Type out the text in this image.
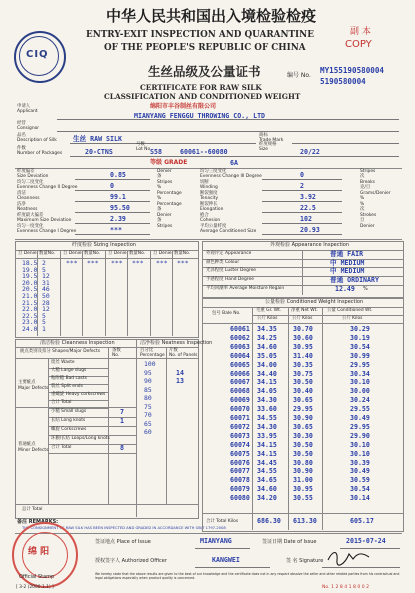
CIQ
中华人民共和国出入境检验检疫
ENTRY-EXIT INSPECTION AND QUARANTINE
OF THE PEOPLE'S REPUBLIC OF CHINA
副 本
COPY
生丝品级及公量证书
CERTIFICATE FOR RAW SILK
CLASSIFICATION AND CONDITIONED WEIGHT
编号 No.
MY155190580004
5190580004
申请人
Applicant
绵阳市丰谷制丝有限公司
MIANYANG FENGGU THROWING CO., LTD
经营
Consignor
品名
Description of Silk 生丝 RAW SILK	商标
Trade Mark
件数
Number of Packages	20-CTNS
号数
Lot No.
S58	60061--60080
纤度规格
Size	20/22
等级 GRADE	6A
纤度偏差
Size Deviation	0.85
均匀二度变化
Evenness Change II Degree	0
清洁
Cleanness	99.1
洁净
Neatness	95.50
纤度最大偏差
Maximum Size Deviation	2.39
均匀一度变化
Evenness Change I Degree	***
Denier
条
Stripes
%
Percentage
%
Percentage
条
Denier
条
Stripes
均匀三度变化
Evenness Change III Degree	0
切断
Winding	2
断裂强度
Tenacity	3.92
断裂伸长
Elongation	22.5
抱合
Cohesion	102
平均公量纤度
Average Conditioned Size	20.93
Stripes
次
Breaks
克/旦
Grams/Denier
%
%
次
Strokes
旦
Denier
纤度检验 Sizing Inspection
旦 Denier 数量No. 旦 Denier 数量No. 旦 Denier 数量No. 旦 Denier 数量No.
18.5 2
19.0 5
19.5 12
20.0 31
20.5 46
21.0 50
21.5 28
22.0 12
22.5 5
23.0 5
24.0 1
*** *** *** *** *** ***
外观检验 Appearance Inspection
外观评定 Appearance	普通 FAIR
颜色种类 Colour	中 MEDIUM
光泽程度 Luster Degree	中 MEDIUM
手感程度 Hand Degree	普通 ORDINARY
平均回潮率 Average Moisture Regain	12.49 %
公量检验 Conditioned Weight Inspection
包号 Bale No.
毛重 Gr. Wt. 净重 Net Wt. 公量 Conditioned Wt.
公斤 Kilos	公斤 Kilos	公斤 Kilos
60061 34.35 30.70	30.29
60062 34.25 30.60	30.19
60063 34.60 30.95	30.54
60064 35.05 31.40	30.99
60065 34.00 30.35	29.95
60066 34.40 30.75	30.34
60067 34.15 30.50	30.10
60068 34.05 30.40	30.00
60069 34.30 30.65	30.24
60070 33.60 29.95	29.55
60071 34.55 30.90	30.49
60072 34.30 30.65	29.95
60073 33.95 30.30	29.90
60074 34.15 30.50	30.10
60075 34.15 30.50	30.10
60076 34.45 30.80	30.39
60077 34.55 30.90	30.49
60078 34.65 31.00	30.59
60079 34.60 30.95	30.54
60080 34.20 30.55	30.14
合计 Total Kilos	686.30 613.30	605.17
清洁检验 Cleanness Inspection	洁净检验 Neatness Inspection
疵点类别及扣分 Shapes/Major Defects	条数
No.
百分比
Percentage
片数
No. of Panels
主要疵点
Major Defects
废丝 Waste
大糙 Large slugs
粘附糙 Bad casts
裂丝 Split ends
重螺旋 Heavy corkscrews
合计 Total
普通疵点
Minor Defects
小糙 Small slugs	7
长结 Long knots	1
螺旋 Corkscrews
环颣/长结 Loops/Long knots
合计 Total	8
100
95	14
90	13
85
80
75
70
65
60
总计 Total
备注 REMARKS:
THE CONSIGNMENT OF RAW SILK HAS BEEN INSPECTED AND GRADED IN ACCORDANCE WITH GB/T 1797-2008
绵 阳
Official Stamp
签证地点 Place of Issue	MIANYANG	签证日期 Date of Issue	2015-07-24
授权签字人 Authorized Officer	KANGWEI	签 名 Signature
We hereby state that the above results are given to the best of our knowledge and the certificate does not in any respect absolve the seller and other related parties from his contractual and legal obligations especially when product quality is concerned.
[ 3-2 (2000.1.1) ]	No. 1 2 8 4 1 8 0 0 2
